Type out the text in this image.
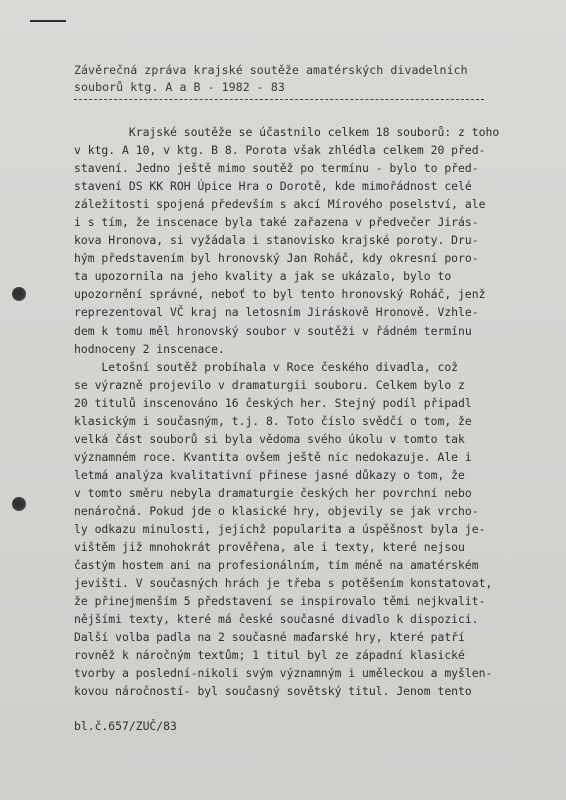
Závěrečná zpráva krajské soutěže amatérských divadelních
souborů ktg. A a B - 1982 - 83
Krajské soutěže se účastnilo celkem 18 souborů: z toho
v ktg. A 10, v ktg. B 8. Porota však zhlédla celkem 20 před-
stavení. Jedno ještě mimo soutěž po termínu - bylo to před-
stavení DS KK ROH Úpice Hra o Dorotě, kde mimořádnost celé
záležitosti spojená především s akcí Mírového poselství, ale
i s tím, že inscenace byla také zařazena v předvečer Jirás-
kova Hronova, si vyžádala i stanovisko krajské poroty. Dru-
hým představením byl hronovský Jan Roháč, kdy okresní poro-
ta upozornila na jeho kvality a jak se ukázalo, bylo to
upozornění správné, neboť to byl tento hronovský Roháč, jenž
reprezentoval VČ kraj na letosním Jiráskově Hronově. Vzhle-
dem k tomu měl hronovský soubor v soutěži v řádném termínu
hodnoceny 2 inscenace.
Letošní soutěž probíhala v Roce českého divadla, což
se výrazně projevilo v dramaturgii souboru. Celkem bylo z
20 titulů inscenováno 16 českých her. Stejný podíl připadl
klasickým i současným, t.j. 8. Toto číslo svědčí o tom, že
velká část souborů si byla vědoma svého úkolu v tomto tak
významném roce. Kvantita ovšem ještě nic nedokazuje. Ale i
letmá analýza kvalitativní přinese jasné důkazy o tom, že
v tomto směru nebyla dramaturgie českých her povrchní nebo
nenáročná. Pokud jde o klasické hry, objevily se jak vrcho-
ly odkazu minulosti, jejichž popularita a úspěšnost byla je-
vištěm již mnohokrát prověřena, ale i texty, které nejsou
častým hostem ani na profesionálním, tím méně na amatérském
jevišti. V současných hrách je třeba s potěšením konstatovat,
že přinejmenším 5 představení se inspirovalo těmi nejkvalit-
nějšími texty, které má české současné divadlo k dispozici.
Další volba padla na 2 současné maďarské hry, které patří
rovněž k náročným textům; 1 titul byl ze západní klasické
tvorby a poslední-nikoli svým významným i uměleckou a myšlen-
kovou náročností- byl současný sovětský titul. Jenom tento
bl.č.657/ZUČ/83
